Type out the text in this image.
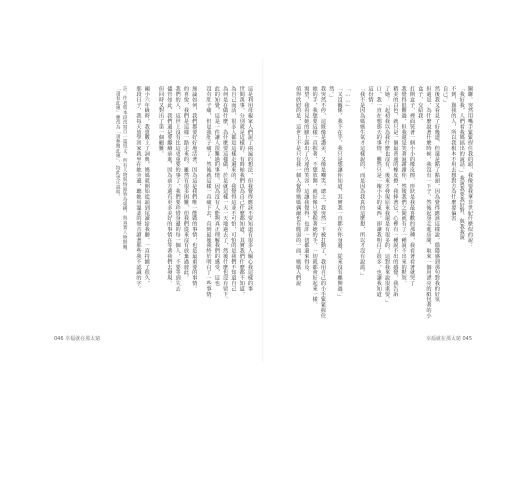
這是利用母親家人們說了兩遍的想法，但我覺得應該不要知道有很多人關心我這樣的事
世間萬事，分別就是這樣的，有時候我們以為自己什麼都知道，其實我們什麼都不知道，
為自己而活，很多人都是這樣走過來的，我覺得這並不可怕，可怕的是我們不知道自己
為何是在做什麼，為什麼要這樣做，於是就這樣一天一天地過去了，然後什麼也沒有留下。
此的知覺，這是一件讓人很難過的事情，因為沒有人能夠真正理解我們的感受，這也
沒有肚子痛，但是我肚子痛了，然後就這樣一直痛下去，直到最後我終於明白了一些事情。
無論如何，我們都要好好地活著，因為這是我們唯一能做的事情，也是最重要的事情。
的喜悅，我們是這樣一路走來的，雖然有很多困難，但我們從來沒有放棄過彼此。
我們的人，這世上沒有比這更重要的事了，我們要珍惜身邊的每一個人，不要等到失去
儘管如此，我們還是要繼續前進，因為前方還有更多美好的事情在等著我們去發現。
但回時又對出了第一個顧難。
國小六年級時，我賣數上了詞典，媽媽就開始從頭到尾讀給我聽，一直持續了很久，
那段日子，我每天放學回家就坐在她旁邊，聽她用溫柔的聲音讀著那些我不認識的字。
註：作者將本段改寫自一篇短文，所有人物與情節皆為虛構，與真實人物無關，
「請看此處」應改為「請參閱此處」，特此更正說明。
046 幸福就在那太窮
關聯。突然用嘴手緊緊捏住我的頭，我像要我拿非世紀什麼似的說：
「我好我，人們看我媽搞出的說話。」我說我要我好對，與我我說
不到，與我的人，所以我根本不用去想對方為什麼要偏害
自己。」
然後我又看見了好幾道，但還是點了點頭，因為覺得應該這樣說，隱隱感到那句對我的好氛
但還是，為什麼說著什麼時候，我沒有一下子，然後起身走進房間，取來一個用漂亮的紙包著的小
盒子，交給我。
打開盒子，裡面裝著一個小小的橡皮擦，形狀是我最喜歡的那種，我看著看著就哭了
我覺得很難過，但我還是笑著說謝謝你，然後我們之間就有了一種說不出來的默契。
精美的白色，就只是一個最普通的橡皮擦，我捧著它，心裡有一種說不出的感覺，我告訴
了她：「起初我以為我什麼也沒有，後來才發現原來我還是有很多的，這對我來說很重要。」
口，我一直在想那天的事情，雖然只是一塊小小的東西，卻讓我明白了很多，也讓我知道
這份情。
「我不是因為媽媽生氣才這樣說的，而是因為我真的這麼想，所以才沒有說謊。」
「……」
「又沒關係，我不在乎，我只是想讓你知道，其實我一直都在你身邊，從來沒有離開過。」
然。」
我突然不停，這既像是讚美，又像是嘲笑，總之，我突然一下被打動了，我用自己的小手緊緊握住
她的手，我想要這樣一直握著，不想放開，就好像只要握著她的手，一切就都會好起來一樣。
渴望，我看見她的臉上露出了久違的笑容，這讓我覺得，也許一切都還來得及。
值得欣慰的是，這世上不是只有我一個人覺得媽媽偶爾也有脆弱的一面，媽媽人們說
幸福就在那太窮 045
